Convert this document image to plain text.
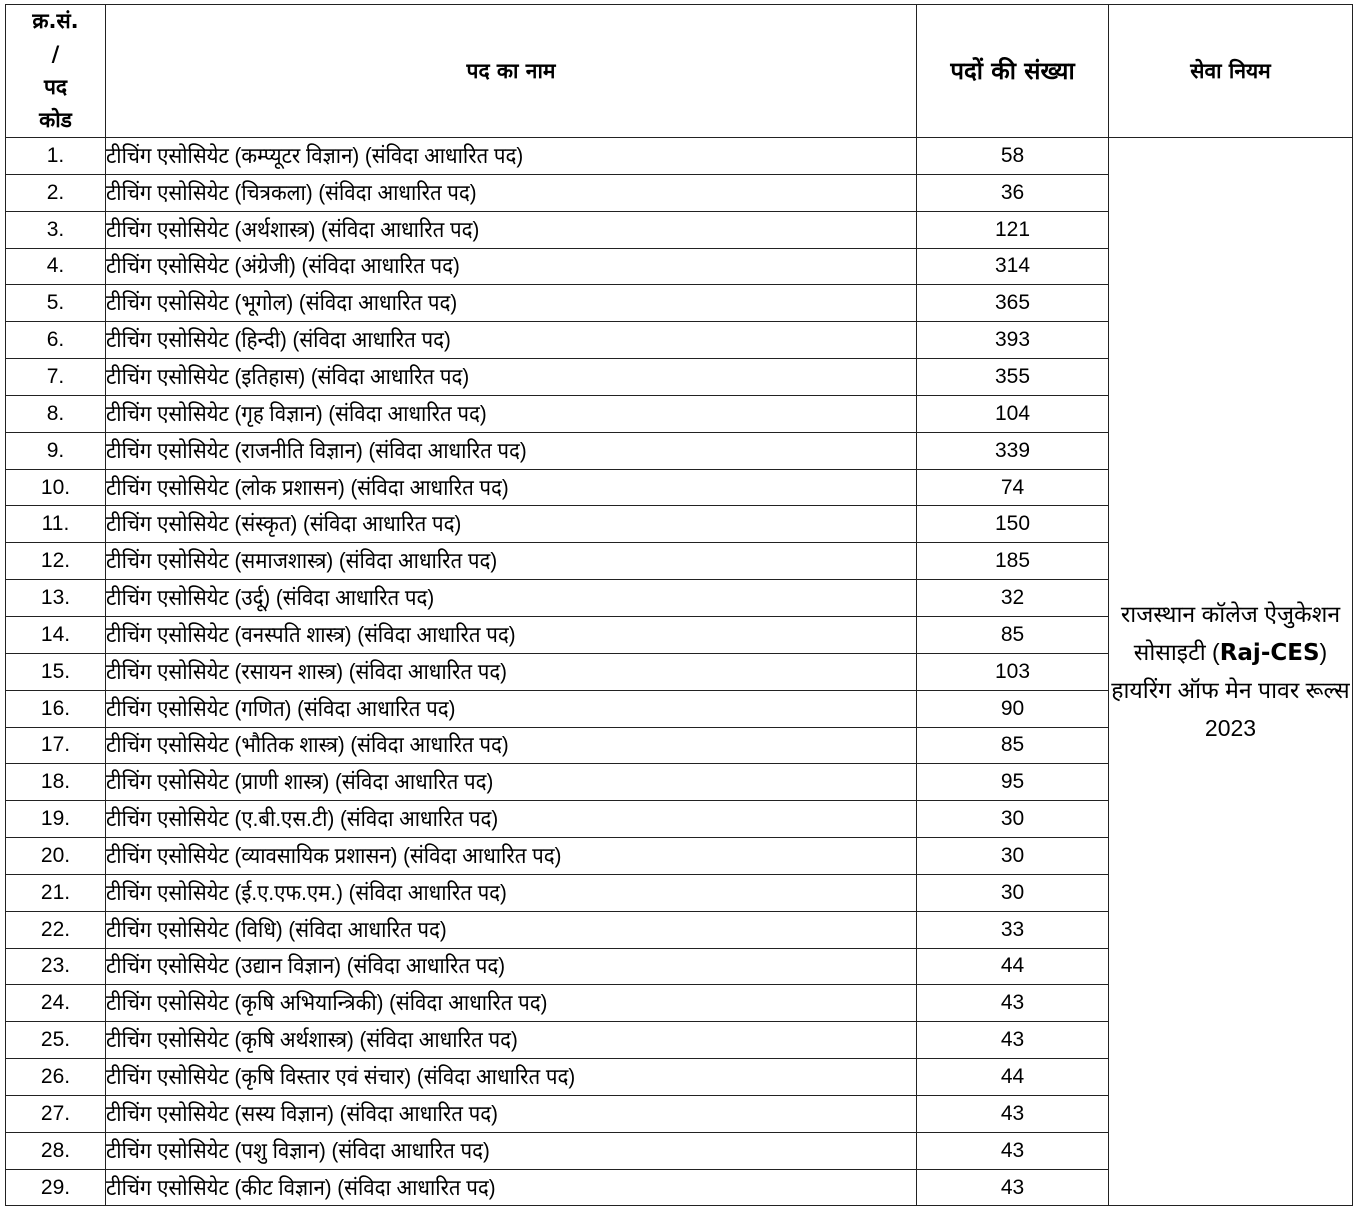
क्र.सं.
/
पद
कोड	पद का नाम	पदों की संख्या	सेवा नियम
1.	टीचिंग एसोसियेट (कम्प्यूटर विज्ञान) (संविदा आधारित पद)	58	राजस्थान कॉलेज ऐजुकेशन सोसाइटी (Raj-CES) हायरिंग ऑफ मेन पावर रूल्स 2023
2.	टीचिंग एसोसियेट (चित्रकला) (संविदा आधारित पद)	36	
3.	टीचिंग एसोसियेट (अर्थशास्त्र) (संविदा आधारित पद)	121	
4.	टीचिंग एसोसियेट (अंग्रेजी) (संविदा आधारित पद)	314	
5.	टीचिंग एसोसियेट (भूगोल) (संविदा आधारित पद)	365	
6.	टीचिंग एसोसियेट (हिन्दी) (संविदा आधारित पद)	393	
7.	टीचिंग एसोसियेट (इतिहास) (संविदा आधारित पद)	355	
8.	टीचिंग एसोसियेट (गृह विज्ञान) (संविदा आधारित पद)	104	
9.	टीचिंग एसोसियेट (राजनीति विज्ञान) (संविदा आधारित पद)	339	
10.	टीचिंग एसोसियेट (लोक प्रशासन) (संविदा आधारित पद)	74	
11.	टीचिंग एसोसियेट (संस्कृत) (संविदा आधारित पद)	150	
12.	टीचिंग एसोसियेट (समाजशास्त्र) (संविदा आधारित पद)	185	
13.	टीचिंग एसोसियेट (उर्दू) (संविदा आधारित पद)	32	
14.	टीचिंग एसोसियेट (वनस्पति शास्त्र) (संविदा आधारित पद)	85	
15.	टीचिंग एसोसियेट (रसायन शास्त्र) (संविदा आधारित पद)	103	
16.	टीचिंग एसोसियेट (गणित) (संविदा आधारित पद)	90	
17.	टीचिंग एसोसियेट (भौतिक शास्त्र) (संविदा आधारित पद)	85	
18.	टीचिंग एसोसियेट (प्राणी शास्त्र) (संविदा आधारित पद)	95	
19.	टीचिंग एसोसियेट (ए.बी.एस.टी) (संविदा आधारित पद)	30	
20.	टीचिंग एसोसियेट (व्यावसायिक प्रशासन) (संविदा आधारित पद)	30	
21.	टीचिंग एसोसियेट (ई.ए.एफ.एम.) (संविदा आधारित पद)	30	
22.	टीचिंग एसोसियेट (विधि) (संविदा आधारित पद)	33	
23.	टीचिंग एसोसियेट (उद्यान विज्ञान) (संविदा आधारित पद)	44	
24.	टीचिंग एसोसियेट (कृषि अभियान्त्रिकी) (संविदा आधारित पद)	43	
25.	टीचिंग एसोसियेट (कृषि अर्थशास्त्र) (संविदा आधारित पद)	43	
26.	टीचिंग एसोसियेट (कृषि विस्तार एवं संचार) (संविदा आधारित पद)	44	
27.	टीचिंग एसोसियेट (सस्य विज्ञान) (संविदा आधारित पद)	43	
28.	टीचिंग एसोसियेट (पशु विज्ञान) (संविदा आधारित पद)	43	
29.	टीचिंग एसोसियेट (कीट विज्ञान) (संविदा आधारित पद)	43	
